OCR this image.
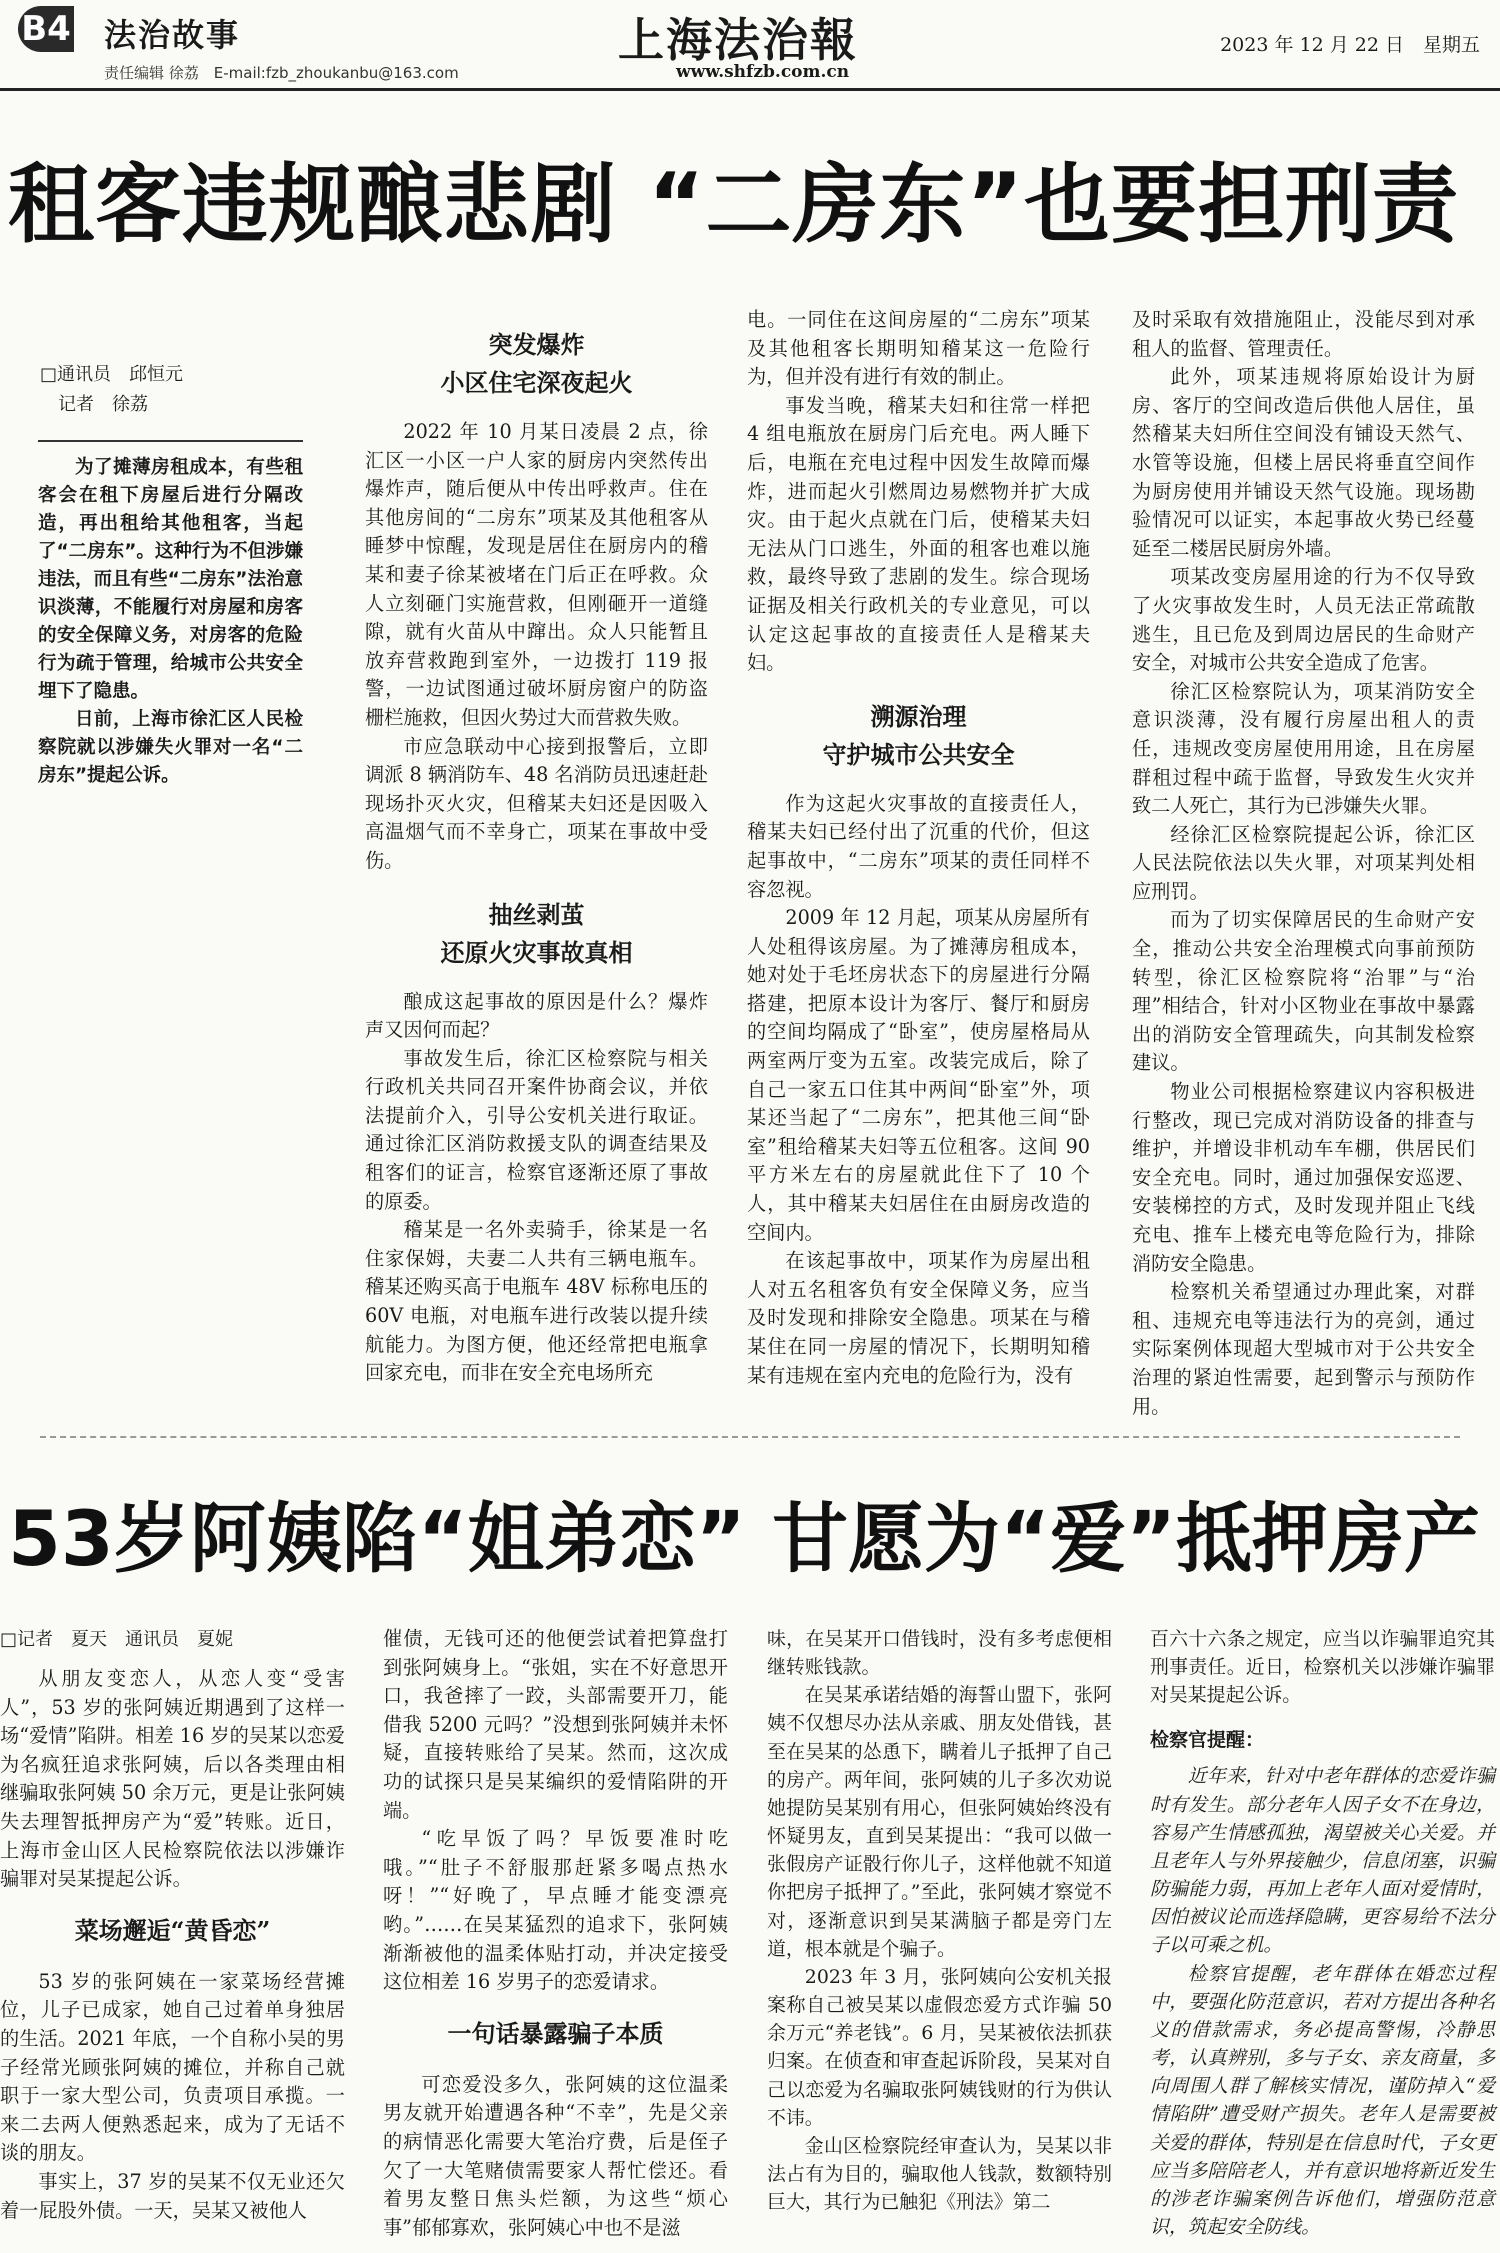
B4 法治故事
责任编辑 徐荔　E-mail:fzb_zhoukanbu@163.com
上海法治報
www.shfzb.com.cn
2023 年 12 月 22 日　星期五
租客违规酿悲剧 “二房东”也要担刑责
□通讯员　邱恒元
　记者　徐荔

为了摊薄房租成本，有些租客会在租下房屋后进行分隔改造，再出租给其他租客，当起了“二房东”。这种行为不但涉嫌违法，而且有些“二房东”法治意识淡薄，不能履行对房屋和房客的安全保障义务，对房客的危险行为疏于管理，给城市公共安全埋下了隐患。

日前，上海市徐汇区人民检察院就以涉嫌失火罪对一名“二房东”提起公诉。

突发爆炸
小区住宅深夜起火

2022 年 10 月某日凌晨 2 点，徐汇区一小区一户人家的厨房内突然传出爆炸声，随后便从中传出呼救声。住在其他房间的“二房东”项某及其他租客从睡梦中惊醒，发现是居住在厨房内的稽某和妻子徐某被堵在门后正在呼救。众人立刻砸门实施营救，但刚砸开一道缝隙，就有火苗从中蹿出。众人只能暂且放弃营救跑到室外，一边拨打 119 报警，一边试图通过破坏厨房窗户的防盗栅栏施救，但因火势过大而营救失败。

市应急联动中心接到报警后，立即调派 8 辆消防车、48 名消防员迅速赶赴现场扑灭火灾，但稽某夫妇还是因吸入高温烟气而不幸身亡，项某在事故中受伤。

抽丝剥茧
还原火灾事故真相

酿成这起事故的原因是什么？爆炸声又因何而起？

事故发生后，徐汇区检察院与相关行政机关共同召开案件协商会议，并依法提前介入，引导公安机关进行取证。通过徐汇区消防救援支队的调查结果及租客们的证言，检察官逐渐还原了事故的原委。

稽某是一名外卖骑手，徐某是一名住家保姆，夫妻二人共有三辆电瓶车。稽某还购买高于电瓶车 48V 标称电压的 60V 电瓶，对电瓶车进行改装以提升续航能力。为图方便，他还经常把电瓶拿回家充电，而非在安全充电场所充

电。一同住在这间房屋的“二房东”项某及其他租客长期明知稽某这一危险行为，但并没有进行有效的制止。

事发当晚，稽某夫妇和往常一样把 4 组电瓶放在厨房门后充电。两人睡下后，电瓶在充电过程中因发生故障而爆炸，进而起火引燃周边易燃物并扩大成灾。由于起火点就在门后，使稽某夫妇无法从门口逃生，外面的租客也难以施救，最终导致了悲剧的发生。综合现场证据及相关行政机关的专业意见，可以认定这起事故的直接责任人是稽某夫妇。

溯源治理
守护城市公共安全

作为这起火灾事故的直接责任人，稽某夫妇已经付出了沉重的代价，但这起事故中，“二房东”项某的责任同样不容忽视。

2009 年 12 月起，项某从房屋所有人处租得该房屋。为了摊薄房租成本，她对处于毛坯房状态下的房屋进行分隔搭建，把原本设计为客厅、餐厅和厨房的空间均隔成了“卧室”，使房屋格局从两室两厅变为五室。改装完成后，除了自己一家五口住其中两间“卧室”外，项某还当起了“二房东”，把其他三间“卧室”租给稽某夫妇等五位租客。这间 90 平方米左右的房屋就此住下了 10 个人，其中稽某夫妇居住在由厨房改造的空间内。

在该起事故中，项某作为房屋出租人对五名租客负有安全保障义务，应当及时发现和排除安全隐患。项某在与稽某住在同一房屋的情况下，长期明知稽某有违规在室内充电的危险行为，没有

及时采取有效措施阻止，没能尽到对承租人的监督、管理责任。

此外，项某违规将原始设计为厨房、客厅的空间改造后供他人居住，虽然稽某夫妇所住空间没有铺设天然气、水管等设施，但楼上居民将垂直空间作为厨房使用并铺设天然气设施。现场勘验情况可以证实，本起事故火势已经蔓延至二楼居民厨房外墙。

项某改变房屋用途的行为不仅导致了火灾事故发生时，人员无法正常疏散逃生，且已危及到周边居民的生命财产安全，对城市公共安全造成了危害。

徐汇区检察院认为，项某消防安全意识淡薄，没有履行房屋出租人的责任，违规改变房屋使用用途，且在房屋群租过程中疏于监督，导致发生火灾并致二人死亡，其行为已涉嫌失火罪。

经徐汇区检察院提起公诉，徐汇区人民法院依法以失火罪，对项某判处相应刑罚。

而为了切实保障居民的生命财产安全，推动公共安全治理模式向事前预防转型，徐汇区检察院将“治罪”与“治理”相结合，针对小区物业在事故中暴露出的消防安全管理疏失，向其制发检察建议。

物业公司根据检察建议内容积极进行整改，现已完成对消防设备的排查与维护，并增设非机动车车棚，供居民们安全充电。同时，通过加强保安巡逻、安装梯控的方式，及时发现并阻止飞线充电、推车上楼充电等危险行为，排除消防安全隐患。

检察机关希望通过办理此案，对群租、违规充电等违法行为的亮剑，通过实际案例体现超大型城市对于公共安全治理的紧迫性需要，起到警示与预防作用。

53岁阿姨陷“姐弟恋” 甘愿为“爱”抵押房产
□记者　夏天　通讯员　夏妮

从朋友变恋人，从恋人变“受害人”，53 岁的张阿姨近期遇到了这样一场“爱情”陷阱。相差 16 岁的吴某以恋爱为名疯狂追求张阿姨，后以各类理由相继骗取张阿姨 50 余万元，更是让张阿姨失去理智抵押房产为“爱”转账。近日，上海市金山区人民检察院依法以涉嫌诈骗罪对吴某提起公诉。

菜场邂逅“黄昏恋”

53 岁的张阿姨在一家菜场经营摊位，儿子已成家，她自己过着单身独居的生活。2021 年底，一个自称小吴的男子经常光顾张阿姨的摊位，并称自己就职于一家大型公司，负责项目承揽。一来二去两人便熟悉起来，成为了无话不谈的朋友。

事实上，37 岁的吴某不仅无业还欠着一屁股外债。一天，吴某又被他人

催债，无钱可还的他便尝试着把算盘打到张阿姨身上。“张姐，实在不好意思开口，我爸摔了一跤，头部需要开刀，能借我 5200 元吗？”没想到张阿姨并未怀疑，直接转账给了吴某。然而，这次成功的试探只是吴某编织的爱情陷阱的开端。

“吃早饭了吗？早饭要准时吃哦。”“肚子不舒服那赶紧多喝点热水呀！”“好晚了，早点睡才能变漂亮哟。”……在吴某猛烈的追求下，张阿姨渐渐被他的温柔体贴打动，并决定接受这位相差 16 岁男子的恋爱请求。

一句话暴露骗子本质

可恋爱没多久，张阿姨的这位温柔男友就开始遭遇各种“不幸”，先是父亲的病情恶化需要大笔治疗费，后是侄子欠了一大笔赌债需要家人帮忙偿还。看着男友整日焦头烂额，为这些“烦心事”郁郁寡欢，张阿姨心中也不是滋

味，在吴某开口借钱时，没有多考虑便相继转账钱款。

在吴某承诺结婚的海誓山盟下，张阿姨不仅想尽办法从亲戚、朋友处借钱，甚至在吴某的怂恿下，瞒着儿子抵押了自己的房产。两年间，张阿姨的儿子多次劝说她提防吴某别有用心，但张阿姨始终没有怀疑男友，直到吴某提出：“我可以做一张假房产证骰行你儿子，这样他就不知道你把房子抵押了。”至此，张阿姨才察觉不对，逐渐意识到吴某满脑子都是旁门左道，根本就是个骗子。

2023 年 3 月，张阿姨向公安机关报案称自己被吴某以虚假恋爱方式诈骗 50 余万元“养老钱”。6 月，吴某被依法抓获归案。在侦查和审查起诉阶段，吴某对自己以恋爱为名骗取张阿姨钱财的行为供认不讳。

金山区检察院经审查认为，吴某以非法占有为目的，骗取他人钱款，数额特别巨大，其行为已触犯《刑法》第二

百六十六条之规定，应当以诈骗罪追究其刑事责任。近日，检察机关以涉嫌诈骗罪对吴某提起公诉。

检察官提醒：

近年来，针对中老年群体的恋爱诈骗时有发生。部分老年人因子女不在身边，容易产生情感孤独，渴望被关心关爱。并且老年人与外界接触少，信息闭塞，识骗防骗能力弱，再加上老年人面对爱情时，因怕被议论而选择隐瞒，更容易给不法分子以可乘之机。

检察官提醒，老年群体在婚恋过程中，要强化防范意识，若对方提出各种名义的借款需求，务必提高警惕，冷静思考，认真辨别，多与子女、亲友商量，多向周围人群了解核实情况，谨防掉入“爱情陷阱”遭受财产损失。老年人是需要被关爱的群体，特别是在信息时代，子女更应当多陪陪老人，并有意识地将新近发生的涉老诈骗案例告诉他们，增强防范意识，筑起安全防线。
